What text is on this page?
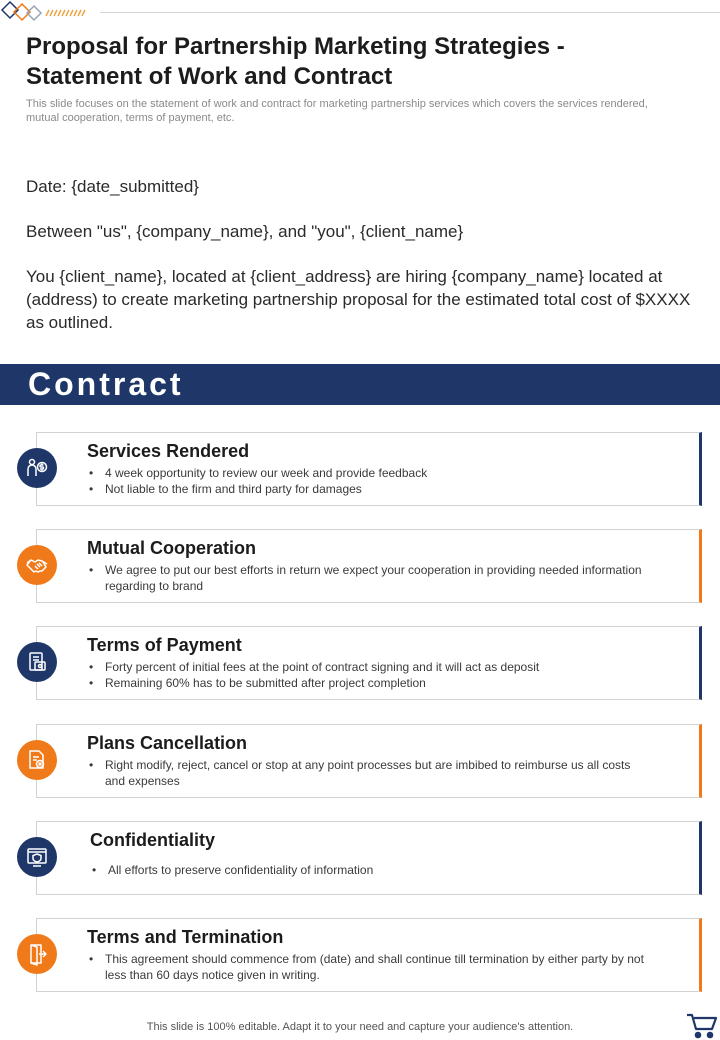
Proposal for Partnership Marketing Strategies - Statement of Work and Contract

This slide focuses on the statement of work and contract for marketing partnership services which covers the services rendered, mutual cooperation, terms of payment, etc.

Date: {date_submitted}

Between "us", {company_name}, and "you", {client_name}

You {client_name}, located at {client_address} are hiring {company_name} located at (address) to create marketing partnership proposal for the estimated total cost of $XXXX as outlined.

Contract
Services Rendered
• 4 week opportunity to review our week and provide feedback
• Not liable to the firm and third party for damages
Mutual Cooperation
• We agree to put our best efforts in return we expect your cooperation in providing needed information regarding to brand
Terms of Payment
• Forty percent of initial fees at the point of contract signing and it will act as deposit
• Remaining 60% has to be submitted after project completion
Plans Cancellation
• Right modify, reject, cancel or stop at any point processes but are imbibed to reimburse us all costs and expenses
Confidentiality
• All efforts to preserve confidentiality of information
Terms and Termination
• This agreement should commence from (date) and shall continue till termination by either party by not less than 60 days notice given in writing.

This slide is 100% editable. Adapt it to your need and capture your audience's attention.
